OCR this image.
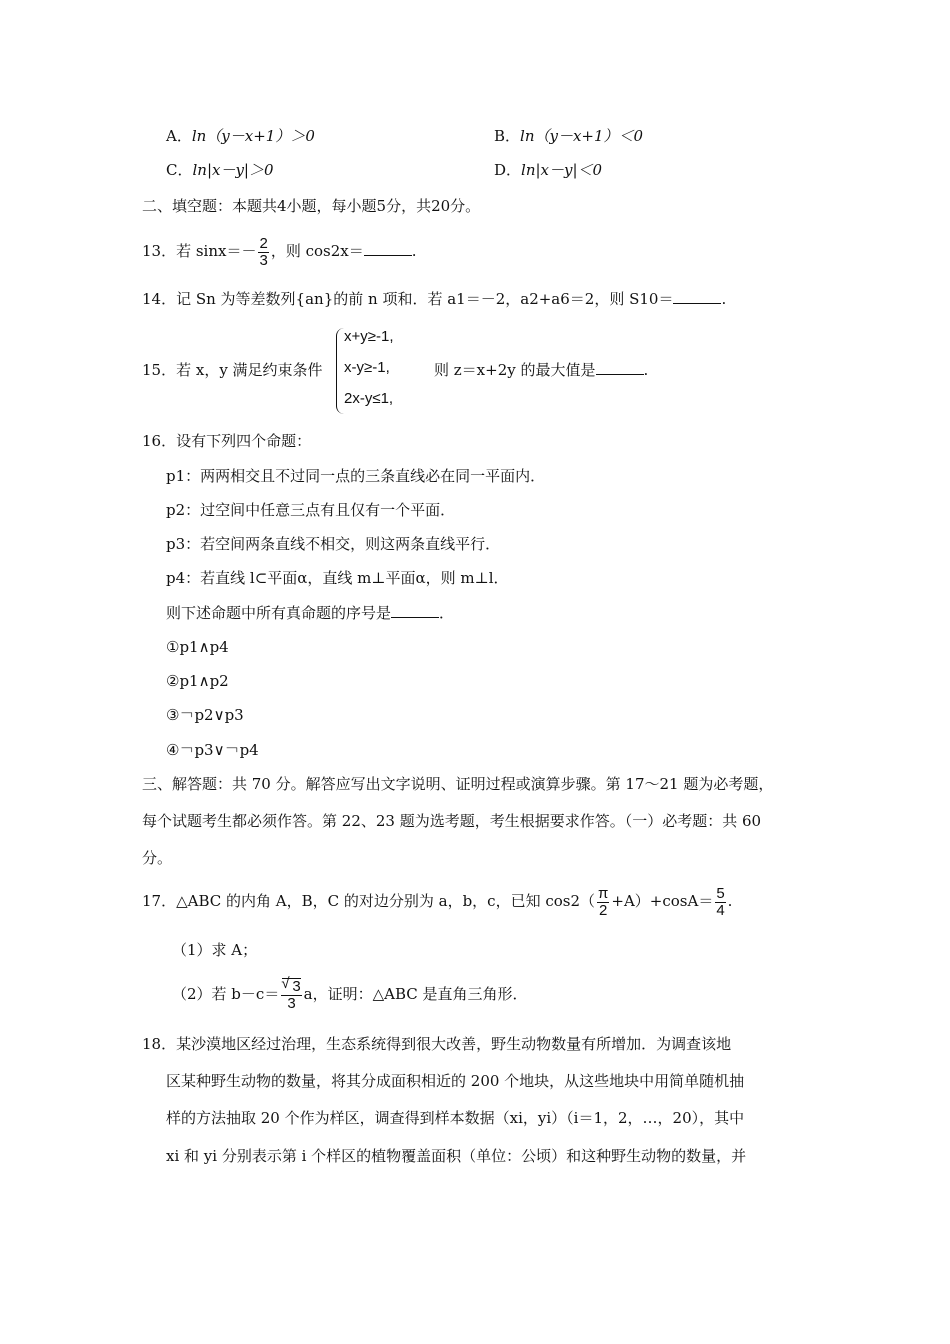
A．ln（y－x+1）＞0	B．ln（y－x+1）＜0
C．ln|x－y|＞0	D．ln|x－y|＜0
二、填空题：本题共4小题，每小题5分，共20分。
13．若 $\sin x=- \frac{2}{3}$ ，则 cos2x＝	.
14．记 Sn 为等差数列{an}的前 n 项和．若 a1＝－2，a2+a6＝2，则 S10＝	.
15．若 x，y 满足约束条件
x+y≥-1,
x-y≥-1,
2x-y≤1,
则 z＝x+2y 的最大值是	.
16．设有下列四个命题：
p1：两两相交且不过同一点的三条直线必在同一平面内．
p2：过空间中任意三点有且仅有一个平面．
p3：若空间两条直线不相交，则这两条直线平行．
p4：若直线 l⊂平面α，直线 m⊥平面α，则 m⊥l．
则下述命题中所有真命题的序号是	．
①p1∧p4
②p1∧p2
③￢p2∨p3
④￢p3∨￢p4
三、解答题：共 70 分。解答应写出文字说明、证明过程或演算步骤。第 17～21 题为必考题，
每个试题考生都必须作答。第 22、23 题为选考题，考生根据要求作答。（一）必考题：共 60
分。
17．△ABC 的内角 A，B，C 的对边分别为 a，b，c，已知 $\cos 2( \frac{\pi}{2} +A)+\cos A= \frac{5}{4}$ .
（1）求 A；
（2）若 b－c＝
√ $\frac{3}{3}$ a，证明：△ABC 是直角三角形．
18．某沙漠地区经过治理，生态系统得到很大改善，野生动物数量有所增加．为调查该地
区某种野生动物的数量，将其分成面积相近的 200 个地块，从这些地块中用简单随机抽
样的方法抽取 20 个作为样区，调查得到样本数据（xi，yi）（i＝1，2，…，20），其中
xi 和 yi 分别表示第 i 个样区的植物覆盖面积（单位：公顷）和这种野生动物的数量，并
